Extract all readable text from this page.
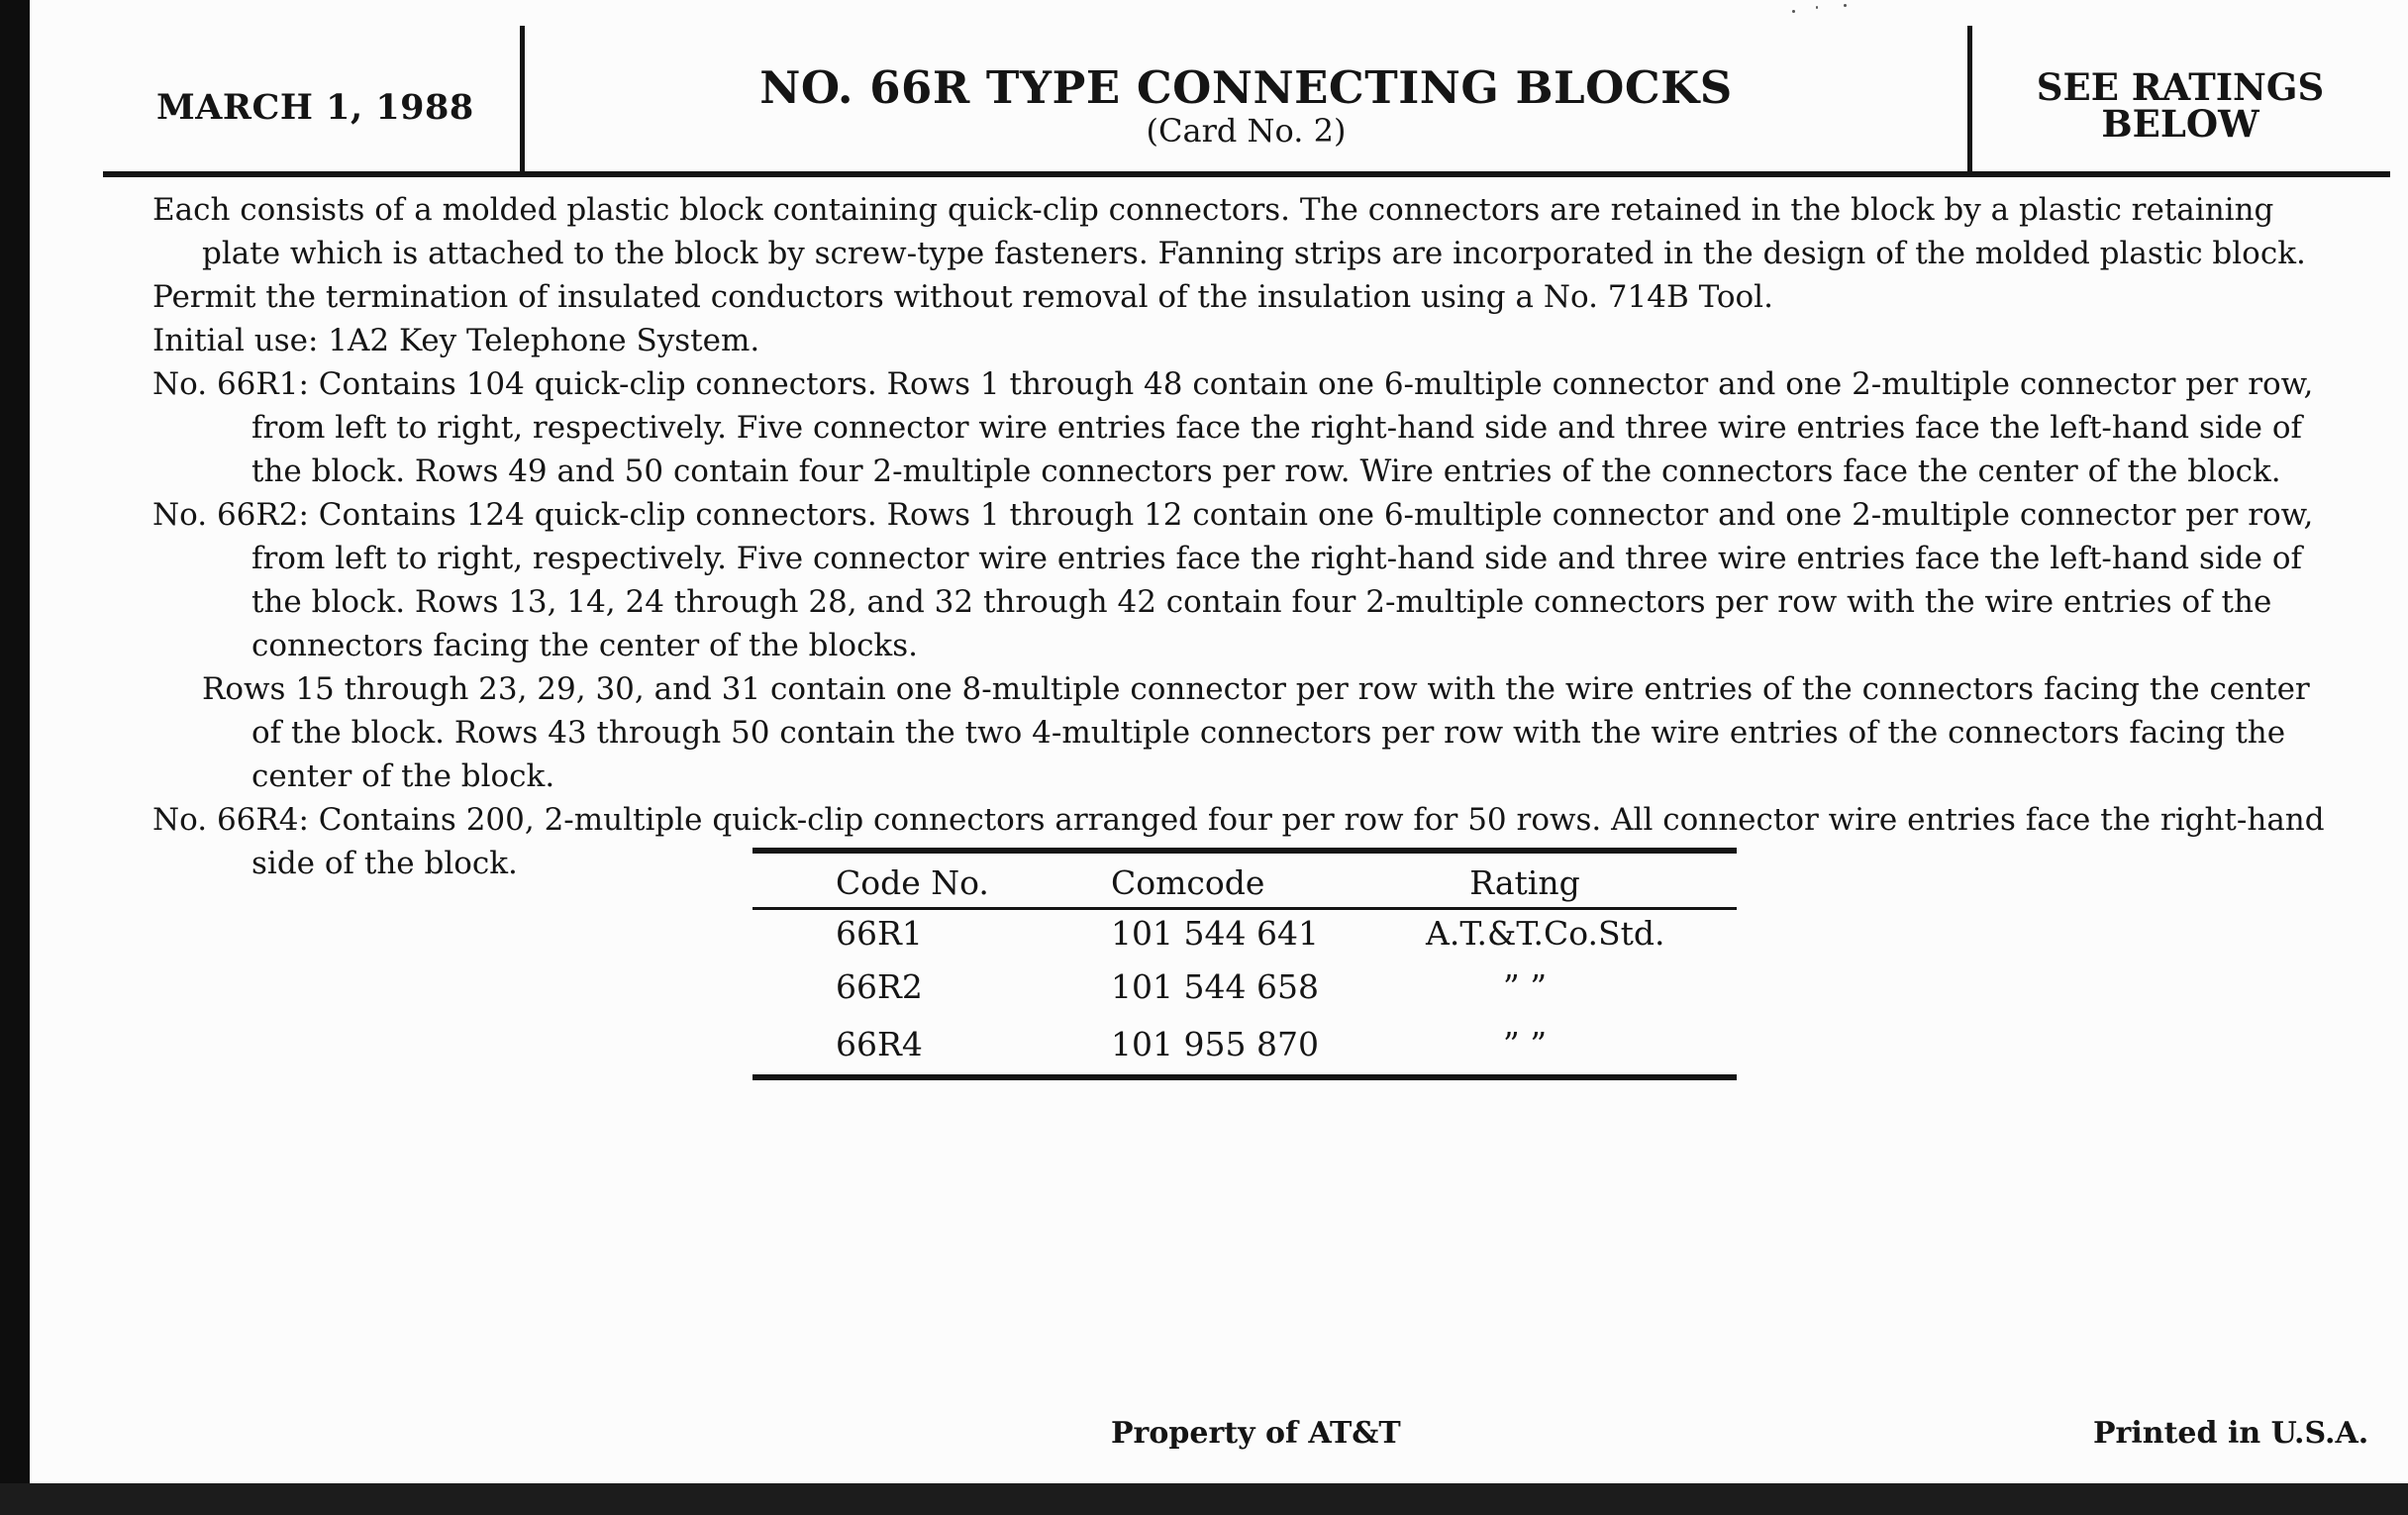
MARCH 1, 1988	NO. 66R TYPE CONNECTING BLOCKS
(Card No. 2)
SEE RATINGS
BELOW

Each consists of a molded plastic block containing quick-clip connectors. The connectors are retained in the block by a plastic retaining plate which is attached to the block by screw-type fasteners. Fanning strips are incorporated in the design of the molded plastic block.

Permit the termination of insulated conductors without removal of the insulation using a No. 714B Tool.

Initial use: 1A2 Key Telephone System.

No. 66R1: Contains 104 quick-clip connectors. Rows 1 through 48 contain one 6-multiple connector and one 2-multiple connector per row, from left to right, respectively. Five connector wire entries face the right-hand side and three wire entries face the left-hand side of the block. Rows 49 and 50 contain four 2-multiple connectors per row. Wire entries of the connectors face the center of the block.

No. 66R2: Contains 124 quick-clip connectors. Rows 1 through 12 contain one 6-multiple connector and one 2-multiple connector per row, from left to right, respectively. Five connector wire entries face the right-hand side and three wire entries face the left-hand side of the block. Rows 13, 14, 24 through 28, and 32 through 42 contain four 2-multiple connectors per row with the wire entries of the connectors facing the center of the blocks.

Rows 15 through 23, 29, 30, and 31 contain one 8-multiple connector per row with the wire entries of the connectors facing the center of the block. Rows 43 through 50 contain the two 4-multiple connectors per row with the wire entries of the connectors facing the center of the block.

No. 66R4: Contains 200, 2-multiple quick-clip connectors arranged four per row for 50 rows. All connector wire entries face the right-hand side of the block.	Code No.	Comcode	Rating
66R1	101 544 641	A.T.&T.Co.Std.
66R2	101 544 658	” ”
66R4	101 955 870	” ”
Property of AT&T	Printed in U.S.A.
